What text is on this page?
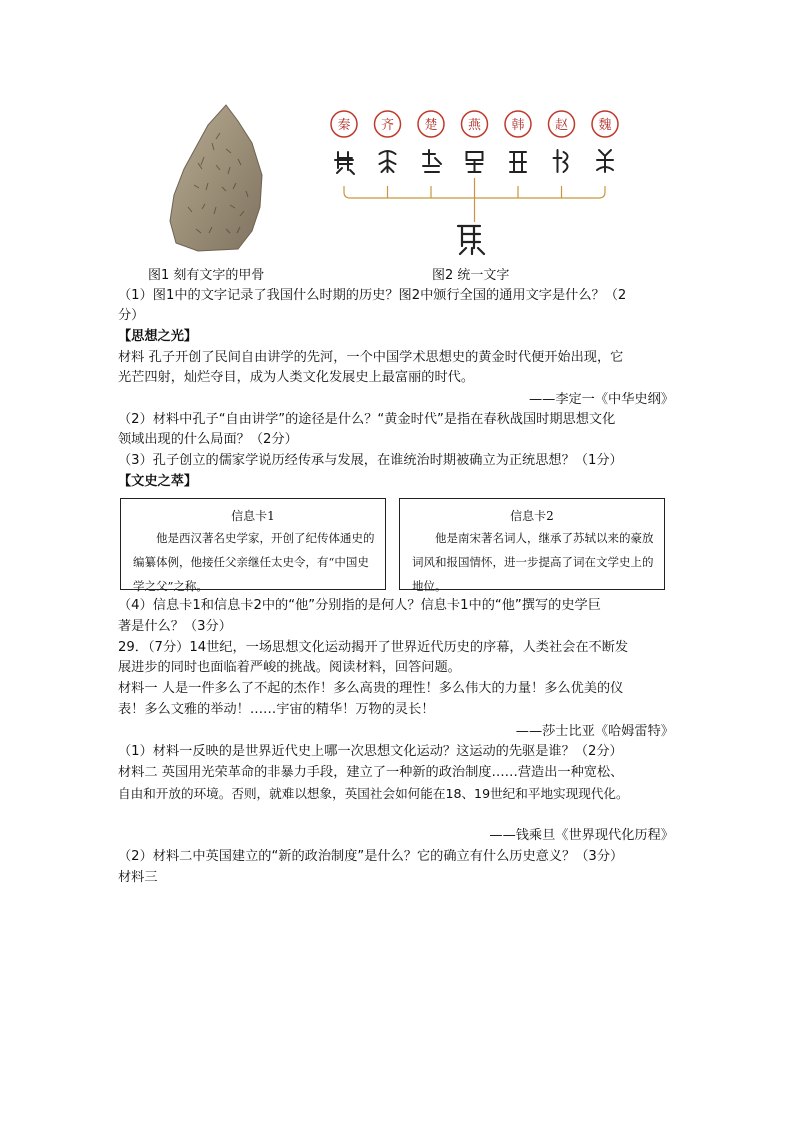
图1 刻有文字的甲骨
秦 齐 楚 燕 韩 赵 魏
图2 统一文字
（1）图1中的文字记录了我国什么时期的历史？图2中颁行全国的通用文字是什么？（2
分）
【思想之光】
材料 孔子开创了民间自由讲学的先河，一个中国学术思想史的黄金时代便开始出现，它
光芒四射，灿烂夺目，成为人类文化发展史上最富丽的时代。
——李定一《中华史纲》
（2）材料中孔子“自由讲学”的途径是什么？“黄金时代”是指在春秋战国时期思想文化
领域出现的什么局面？（2分）
（3）孔子创立的儒家学说历经传承与发展，在谁统治时期被确立为正统思想？（1分）
【文史之萃】
信息卡1
他是西汉著名史学家，开创了纪传体通史的编纂体例，他接任父亲继任太史令，有“中国史学之父”之称。
信息卡2
他是南宋著名词人，继承了苏轼以来的豪放词风和报国情怀，进一步提高了词在文学史上的地位。
（4）信息卡1和信息卡2中的“他”分别指的是何人？信息卡1中的“他”撰写的史学巨
著是什么？（3分）
29．（7分）14世纪，一场思想文化运动揭开了世界近代历史的序幕，人类社会在不断发
展进步的同时也面临着严峻的挑战。阅读材料，回答问题。
材料一 人是一件多么了不起的杰作！多么高贵的理性！多么伟大的力量！多么优美的仪
表！多么文雅的举动！……宇宙的精华！万物的灵长！
——莎士比亚《哈姆雷特》
（1）材料一反映的是世界近代史上哪一次思想文化运动？这运动的先驱是谁？（2分）
材料二 英国用光荣革命的非暴力手段，建立了一种新的政治制度……营造出一种宽松、
自由和开放的环境。否则，就难以想象，英国社会如何能在18、19世纪和平地实现现代化。
——钱乘旦《世界现代化历程》
（2）材料二中英国建立的“新的政治制度”是什么？它的确立有什么历史意义？（3分）
材料三
